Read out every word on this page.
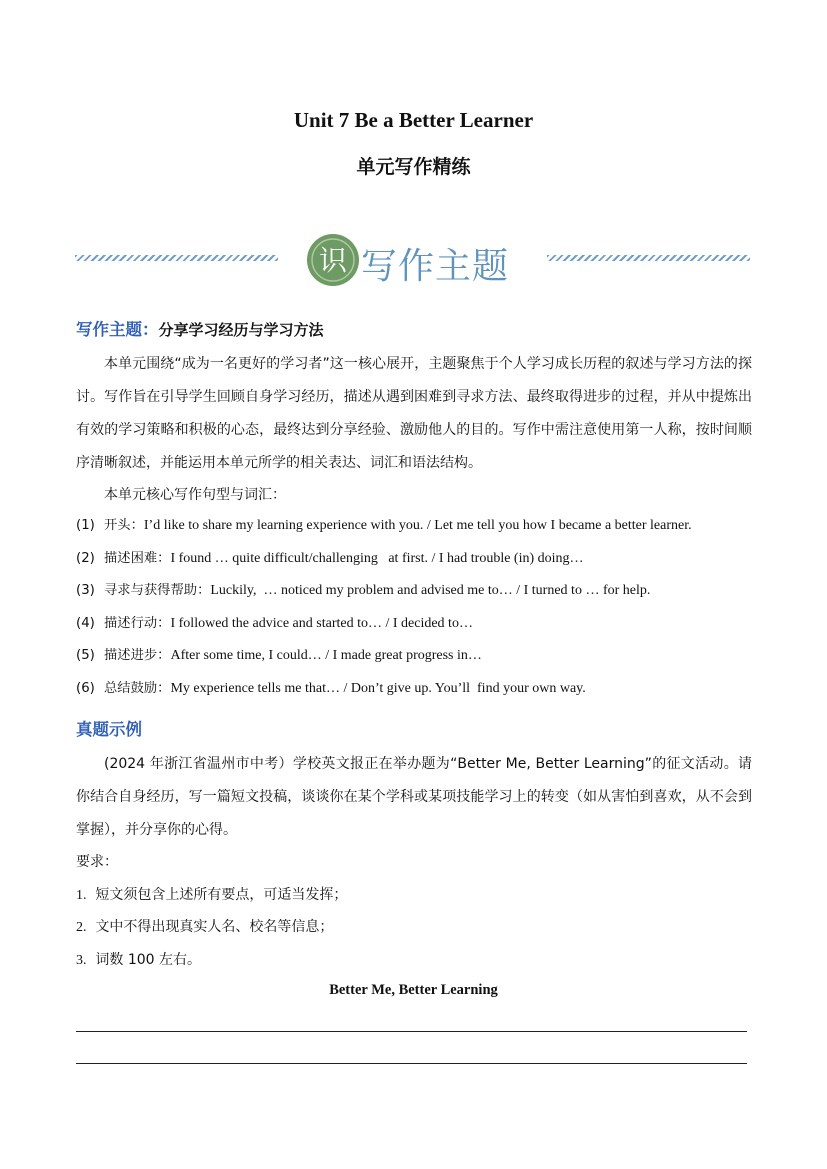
Unit 7 Be a Better Learner
单元写作精练
识 写作主题
写作主题：分享学习经历与学习方法
本单元围绕“成为一名更好的学习者”这一核心展开，主题聚焦于个人学习成长历程的叙述与学习方法的探讨。写作旨在引导学生回顾自身学习经历，描述从遇到困难到寻求方法、最终取得进步的过程，并从中提炼出有效的学习策略和积极的心态，最终达到分享经验、激励他人的目的。写作中需注意使用第一人称，按时间顺序清晰叙述，并能运用本单元所学的相关表达、词汇和语法结构。
本单元核心写作句型与词汇：
(1) 开头：I’d like to share my learning experience with you. / Let me tell you how I became a better learner.
(2) 描述困难：I found … quite difficult/challenging   at first. / I had trouble (in) doing…
(3) 寻求与获得帮助：Luckily,  … noticed my problem and advised me to… / I turned to … for help.
(4) 描述行动：I followed the advice and started to… / I decided to…
(5) 描述进步：After some time, I could… / I made great progress in…
(6) 总结鼓励：My experience tells me that… / Don’t give up. You’ll  find your own way.
真题示例
(2024 年浙江省温州市中考）学校英文报正在举办题为“Better Me, Better Learning”的征文活动。请你结合自身经历，写一篇短文投稿，谈谈你在某个学科或某项技能学习上的转变（如从害怕到喜欢，从不会到掌握），并分享你的心得。
要求：
1. 短文须包含上述所有要点，可适当发挥；
2. 文中不得出现真实人名、校名等信息；
3. 词数 100 左右。
Better Me, Better Learning
